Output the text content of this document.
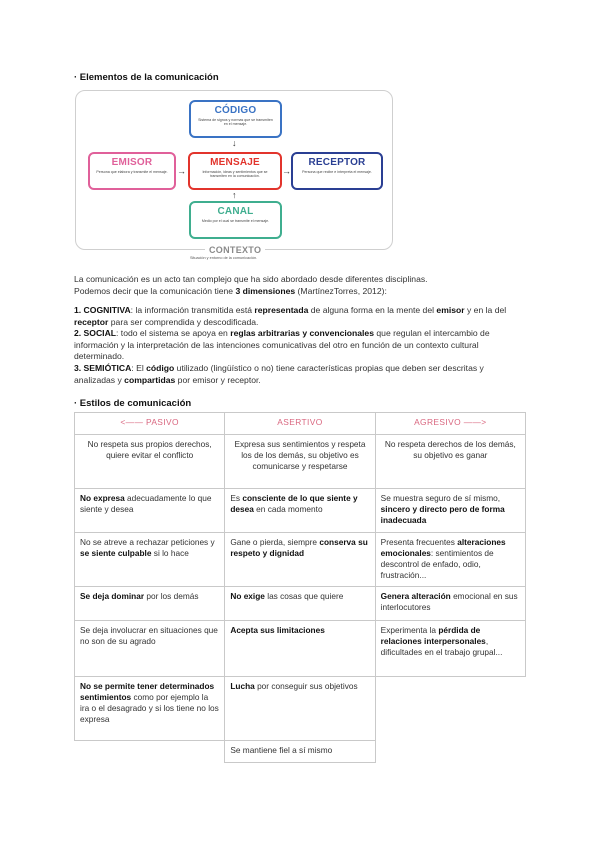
· Elementos de la comunicación
CÓDIGO
Sistema de signos y normas que se transmiten en el mensaje.
↓
EMISOR
Persona que elabora y transmite el mensaje. →
MENSAJE
Información, ideas y sentimientos que se transmiten en la comunicación.
→
RECEPTOR
Persona que recibe e interpreta el mensaje.
↑
CANAL
Medio por el cual se transmite el mensaje.
CONTEXTO
Situación y entorno de la comunicación.
La comunicación es un acto tan complejo que ha sido abordado desde diferentes disciplinas.
Podemos decir que la comunicación tiene 3 dimensiones (MartínezTorres, 2012):
1. COGNITIVA: la información transmitida está representada de alguna forma en la mente del emisor y en la del receptor para ser comprendida y descodificada.
2. SOCIAL: todo el sistema se apoya en reglas arbitrarias y convencionales que regulan el intercambio de información y la interpretación de las intenciones comunicativas del otro en función de un contexto cultural determinado.
3. SEMIÓTICA: El código utilizado (lingüístico o no) tiene características propias que deben ser descritas y analizadas y compartidas por emisor y receptor.
· Estilos de comunicación
<—— PASIVO	ASERTIVO	AGRESIVO ——>
No respeta sus propios derechos, quiere evitar el conflicto	Expresa sus sentimientos y respeta los de los demás, su objetivo es comunicarse y respetarse	No respeta derechos de los demás, su objetivo es ganar
No expresa adecuadamente lo que siente y desea	Es consciente de lo que siente y desea en cada momento	Se muestra seguro de sí mismo, sincero y directo pero de forma inadecuada
No se atreve a rechazar peticiones y se siente culpable si lo hace	Gane o pierda, siempre conserva su respeto y dignidad	Presenta frecuentes alteraciones emocionales: sentimientos de descontrol de enfado, odio, frustración...
Se deja dominar por los demás	No exige las cosas que quiere	Genera alteración emocional en sus interlocutores
Se deja involucrar en situaciones que no son de su agrado	Acepta sus limitaciones	Experimenta la pérdida de relaciones interpersonales, dificultades en el trabajo grupal...
No se permite tener determinados sentimientos como por ejemplo la ira o el desagrado y si los tiene no los expresa	Lucha por conseguir sus objetivos	
	Se mantiene fiel a sí mismo	
